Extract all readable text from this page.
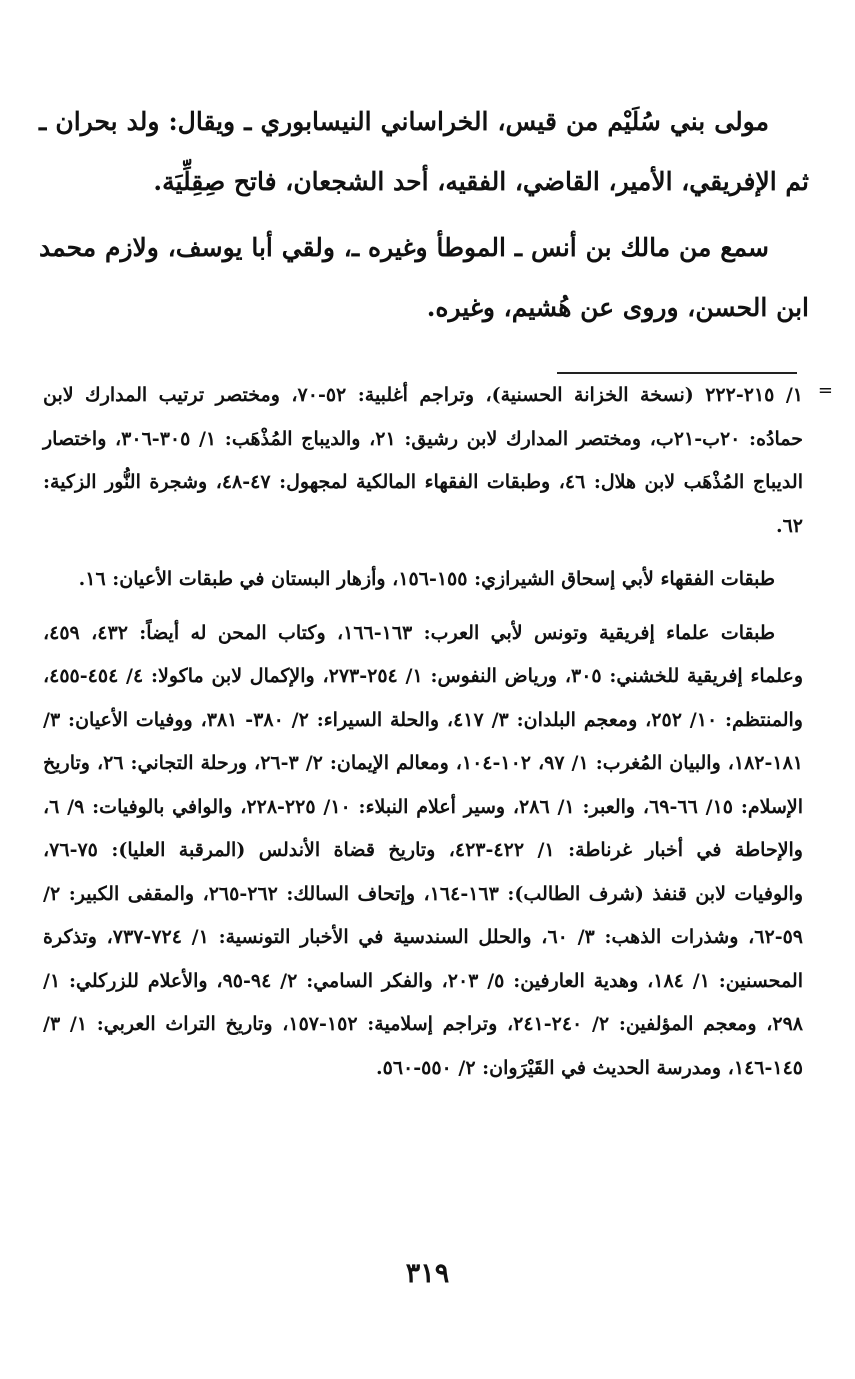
مولى بني سُلَيْم من قيس، الخراساني النيسابوري ـ ويقال: ولد بحران ـ ثم الإفريقي، الأمير، القاضي، الفقيه، أحد الشجعان، فاتح صِقِلِّيَة.

سمع من مالك بن أنس ـ الموطأ وغيره ـ، ولقي أبا يوسف، ولازم محمد ابن الحسن، وروى عن هُشيم، وغيره.

=

١/ ٢١٥-٢٢٢ (نسخة الخزانة الحسنية)، وتراجم أغلبية: ٥٢-٧٠، ومختصر ترتيب المدارك لابن حمادُه: ٢٠ب-٢١ب، ومختصر المدارك لابن رشيق: ٢١، والديباج المُذْهَب: ١/ ٣٠٥-٣٠٦، واختصار الديباج المُذْهَب لابن هلال: ٤٦، وطبقات الفقهاء المالكية لمجهول: ٤٧-٤٨، وشجرة النُّور الزكية: ٦٢.

طبقات الفقهاء لأبي إسحاق الشيرازي: ١٥٥-١٥٦، وأزهار البستان في طبقات الأعيان: ١٦.

طبقات علماء إفريقية وتونس لأبي العرب: ١٦٣-١٦٦، وكتاب المحن له أيضاً: ٤٣٢، ٤٥٩، وعلماء إفريقية للخشني: ٣٠٥، ورياض النفوس: ١/ ٢٥٤-٢٧٣، والإكمال لابن ماكولا: ٤/ ٤٥٤-٤٥٥، والمنتظم: ١٠/ ٢٥٢، ومعجم البلدان: ٣/ ٤١٧، والحلة السيراء: ٢/ ٣٨٠- ٣٨١، ووفيات الأعيان: ٣/ ١٨١-١٨٢، والبيان المُغرب: ١/ ٩٧، ١٠٢-١٠٤، ومعالم الإيمان: ٢/ ٣-٢٦، ورحلة التجاني: ٢٦، وتاريخ الإسلام: ١٥/ ٦٦-٦٩، والعبر: ١/ ٢٨٦، وسير أعلام النبلاء: ١٠/ ٢٢٥-٢٢٨، والوافي بالوفيات: ٩/ ٦، والإحاطة في أخبار غرناطة: ١/ ٤٢٢-٤٢٣، وتاريخ قضاة الأندلس (المرقبة العليا): ٧٥-٧٦، والوفيات لابن قنفذ (شرف الطالب): ١٦٣-١٦٤، وإتحاف السالك: ٢٦٢-٢٦٥، والمقفى الكبير: ٢/ ٥٩-٦٢، وشذرات الذهب: ٣/ ٦٠، والحلل السندسية في الأخبار التونسية: ١/ ٧٢٤-٧٣٧، وتذكرة المحسنين: ١/ ١٨٤، وهدية العارفين: ٥/ ٢٠٣، والفكر السامي: ٢/ ٩٤-٩٥، والأعلام للزركلي: ١/ ٢٩٨، ومعجم المؤلفين: ٢/ ٢٤٠-٢٤١، وتراجم إسلامية: ١٥٢-١٥٧، وتاريخ التراث العربي: ١/ ٣/ ١٤٥-١٤٦، ومدرسة الحديث في القَيْرَوان: ٢/ ٥٥٠-٥٦٠.

٣١٩
